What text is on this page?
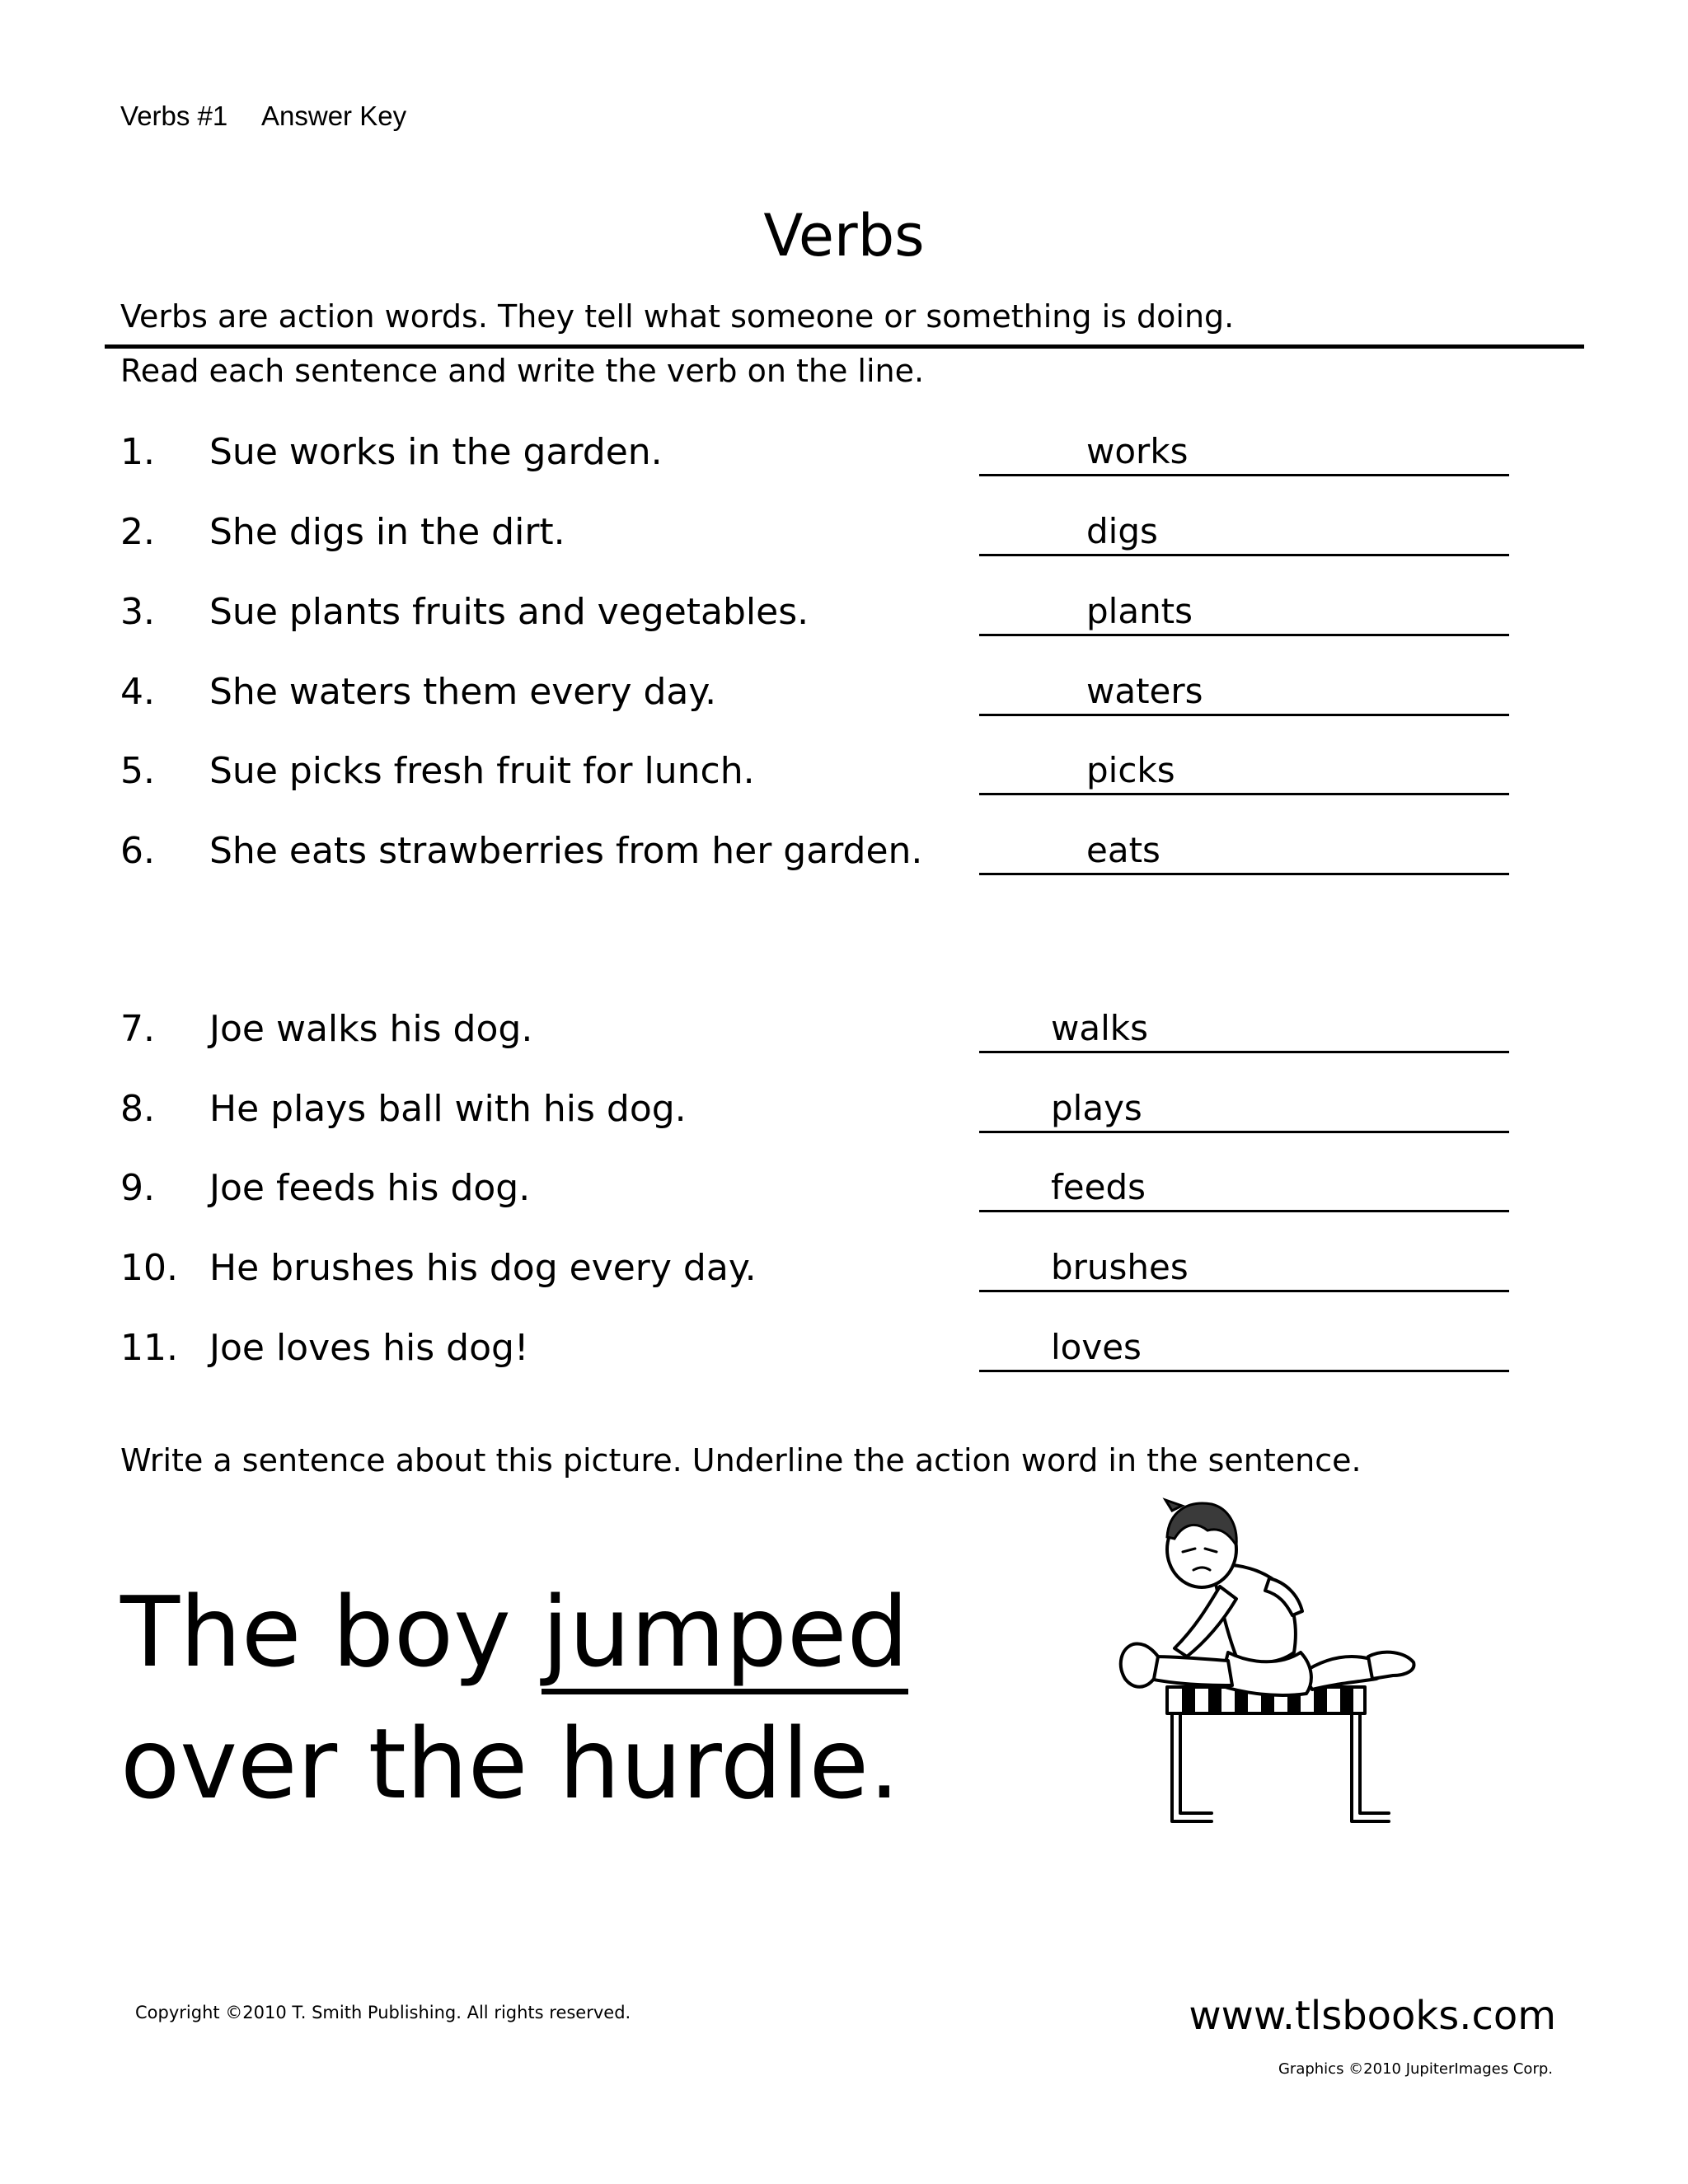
Verbs #1 Answer Key
Verbs
Verbs are action words. They tell what someone or something is doing.
Read each sentence and write the verb on the line.
1. Sue works in the garden.	works
2. She digs in the dirt.	digs
3. Sue plants fruits and vegetables.	plants
4. She waters them every day.	waters
5. Sue picks fresh fruit for lunch.	picks
6. She eats strawberries from her garden.	eats
7. Joe walks his dog.	walks
8. He plays ball with his dog.	plays
9. Joe feeds his dog.	feeds
10. He brushes his dog every day.	brushes
11. Joe loves his dog!	loves
Write a sentence about this picture. Underline the action word in the sentence.
The boy jumped
over the hurdle.
Copyright ©2010 T. Smith Publishing. All rights reserved.	www.tlsbooks.com
Graphics ©2010 JupiterImages Corp.
